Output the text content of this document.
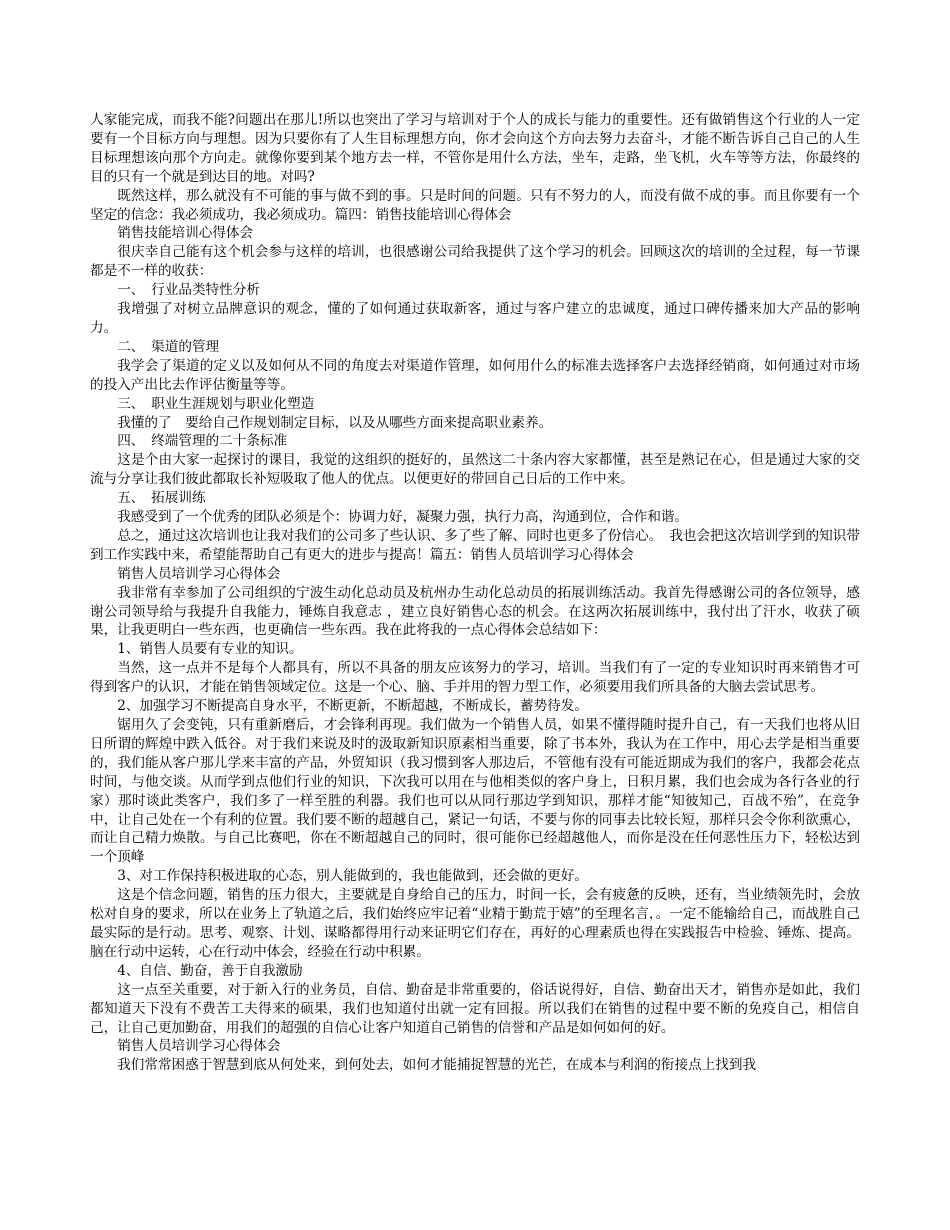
人家能完成，而我不能?问题出在那儿!所以也突出了学习与培训对于个人的成长与能力的重要性。还有做销售这个行业的人一定要有一个目标方向与理想。因为只要你有了人生目标理想方向，你才会向这个方向去努力去奋斗，才能不断告诉自己自己的人生目标理想该向那个方向走。就像你要到某个地方去一样，不管你是用什么方法，坐车，走路，坐飞机，火车等等方法，你最终的目的只有一个就是到达目的地。对吗?

既然这样，那么就没有不可能的事与做不到的事。只是时间的问题。只有不努力的人，而没有做不成的事。而且你要有一个坚定的信念：我必须成功，我必须成功。篇四：销售技能培训心得体会

销售技能培训心得体会

很庆幸自己能有这个机会参与这样的培训，也很感谢公司给我提供了这个学习的机会。回顾这次的培训的全过程，每一节课都是不一样的收获：

一、　行业品类特性分析

我增强了对树立品牌意识的观念，懂的了如何通过获取新客，通过与客户建立的忠诚度，通过口碑传播来加大产品的影响力。

二、　渠道的管理

我学会了渠道的定义以及如何从不同的角度去对渠道作管理，如何用什么的标准去选择客户去选择经销商，如何通过对市场的投入产出比去作评估衡量等等。

三、　职业生涯规划与职业化塑造

我懂的了　要给自己作规划制定目标，以及从哪些方面来提高职业素养。

四、　终端管理的二十条标准

这是个由大家一起探讨的课目，我觉的这组织的挺好的，虽然这二十条内容大家都懂，甚至是熟记在心，但是通过大家的交流与分享让我们彼此都取长补短吸取了他人的优点。以便更好的带回自己日后的工作中来。

五、　拓展训练

我感受到了一个优秀的团队必须是个：协调力好，凝聚力强，执行力高，沟通到位，合作和谐。

总之，通过这次培训也让我对我们的公司多了些认识、多了些了解、同时也更多了份信心。　我也会把这次培训学到的知识带到工作实践中来，希望能帮助自己有更大的进步与提高！篇五：销售人员培训学习心得体会

销售人员培训学习心得体会

我非常有幸参加了公司组织的宁波生动化总动员及杭州办生动化总动员的拓展训练活动。我首先得感谢公司的各位领导，感谢公司领导给与我提升自我能力，锤炼自我意志 ，建立良好销售心态的机会。在这两次拓展训练中，我付出了汗水，收获了硕果，让我更明白一些东西，也更确信一些东西。我在此将我的一点心得体会总结如下：

1、销售人员要有专业的知识。

当然，这一点并不是每个人都具有，所以不具备的朋友应该努力的学习，培训。当我们有了一定的专业知识时再来销售才可得到客户的认识，才能在销售领域定位。这是一个心、脑、手并用的智力型工作，必须要用我们所具备的大脑去尝试思考。

2、加强学习不断提高自身水平，不断更新，不断超越，不断成长，蓄势待发。

锯用久了会变钝，只有重新磨后，才会锋利再现。我们做为一个销售人员，如果不懂得随时提升自己，有一天我们也将从旧日所谓的辉煌中跌入低谷。对于我们来说及时的汲取新知识原素相当重要，除了书本外，我认为在工作中，用心去学是相当重要的，我们能从客户那儿学来丰富的产品，外贸知识（我习惯到客人那边后，不管他有没有可能近期成为我们的客户，我都会花点时间，与他交谈。从而学到点他们行业的知识，下次我可以用在与他相类似的客户身上，日积月累，我们也会成为各行各业的行家）那时谈此类客户，我们多了一样至胜的利器。我们也可以从同行那边学到知识，那样才能“知彼知己，百战不殆”，在竞争中，让自己处在一个有利的位置。我们要不断的超越自己，紧记一句话，不要与你的同事去比较长短，那样只会令你利欲熏心，而让自己精力焕散。与自己比赛吧，你在不断超越自己的同时，很可能你已经超越他人，而你是没在任何恶性压力下，轻松达到一个顶峰

3、对工作保持积极进取的心态，别人能做到的，我也能做到，还会做的更好。

这是个信念问题，销售的压力很大，主要就是自身给自己的压力，时间一长，会有疲惫的反映，还有，当业绩领先时，会放松对自身的要求，所以在业务上了轨道之后，我们始终应牢记着“业精于勤荒于嬉”的至理名言，。一定不能输给自己，而战胜自己最实际的是行动。思考、观察、计划、谋略都得用行动来证明它们存在，再好的心理素质也得在实践报告中检验、锤炼、提高。脑在行动中运转，心在行动中体会，经验在行动中积累。

4、自信、勤奋，善于自我激励

这一点至关重要，对于新入行的业务员，自信、勤奋是非常重要的，俗话说得好，自信、勤奋出天才，销售亦是如此，我们都知道天下没有不费苦工夫得来的硕果，我们也知道付出就一定有回报。所以我们在销售的过程中要不断的免疫自己，相信自己，让自己更加勤奋，用我们的超强的自信心让客户知道自己销售的信誉和产品是如何如何的好。

销售人员培训学习心得体会

我们常常困惑于智慧到底从何处来，到何处去，如何才能捕捉智慧的光芒，在成本与利润的衔接点上找到我
